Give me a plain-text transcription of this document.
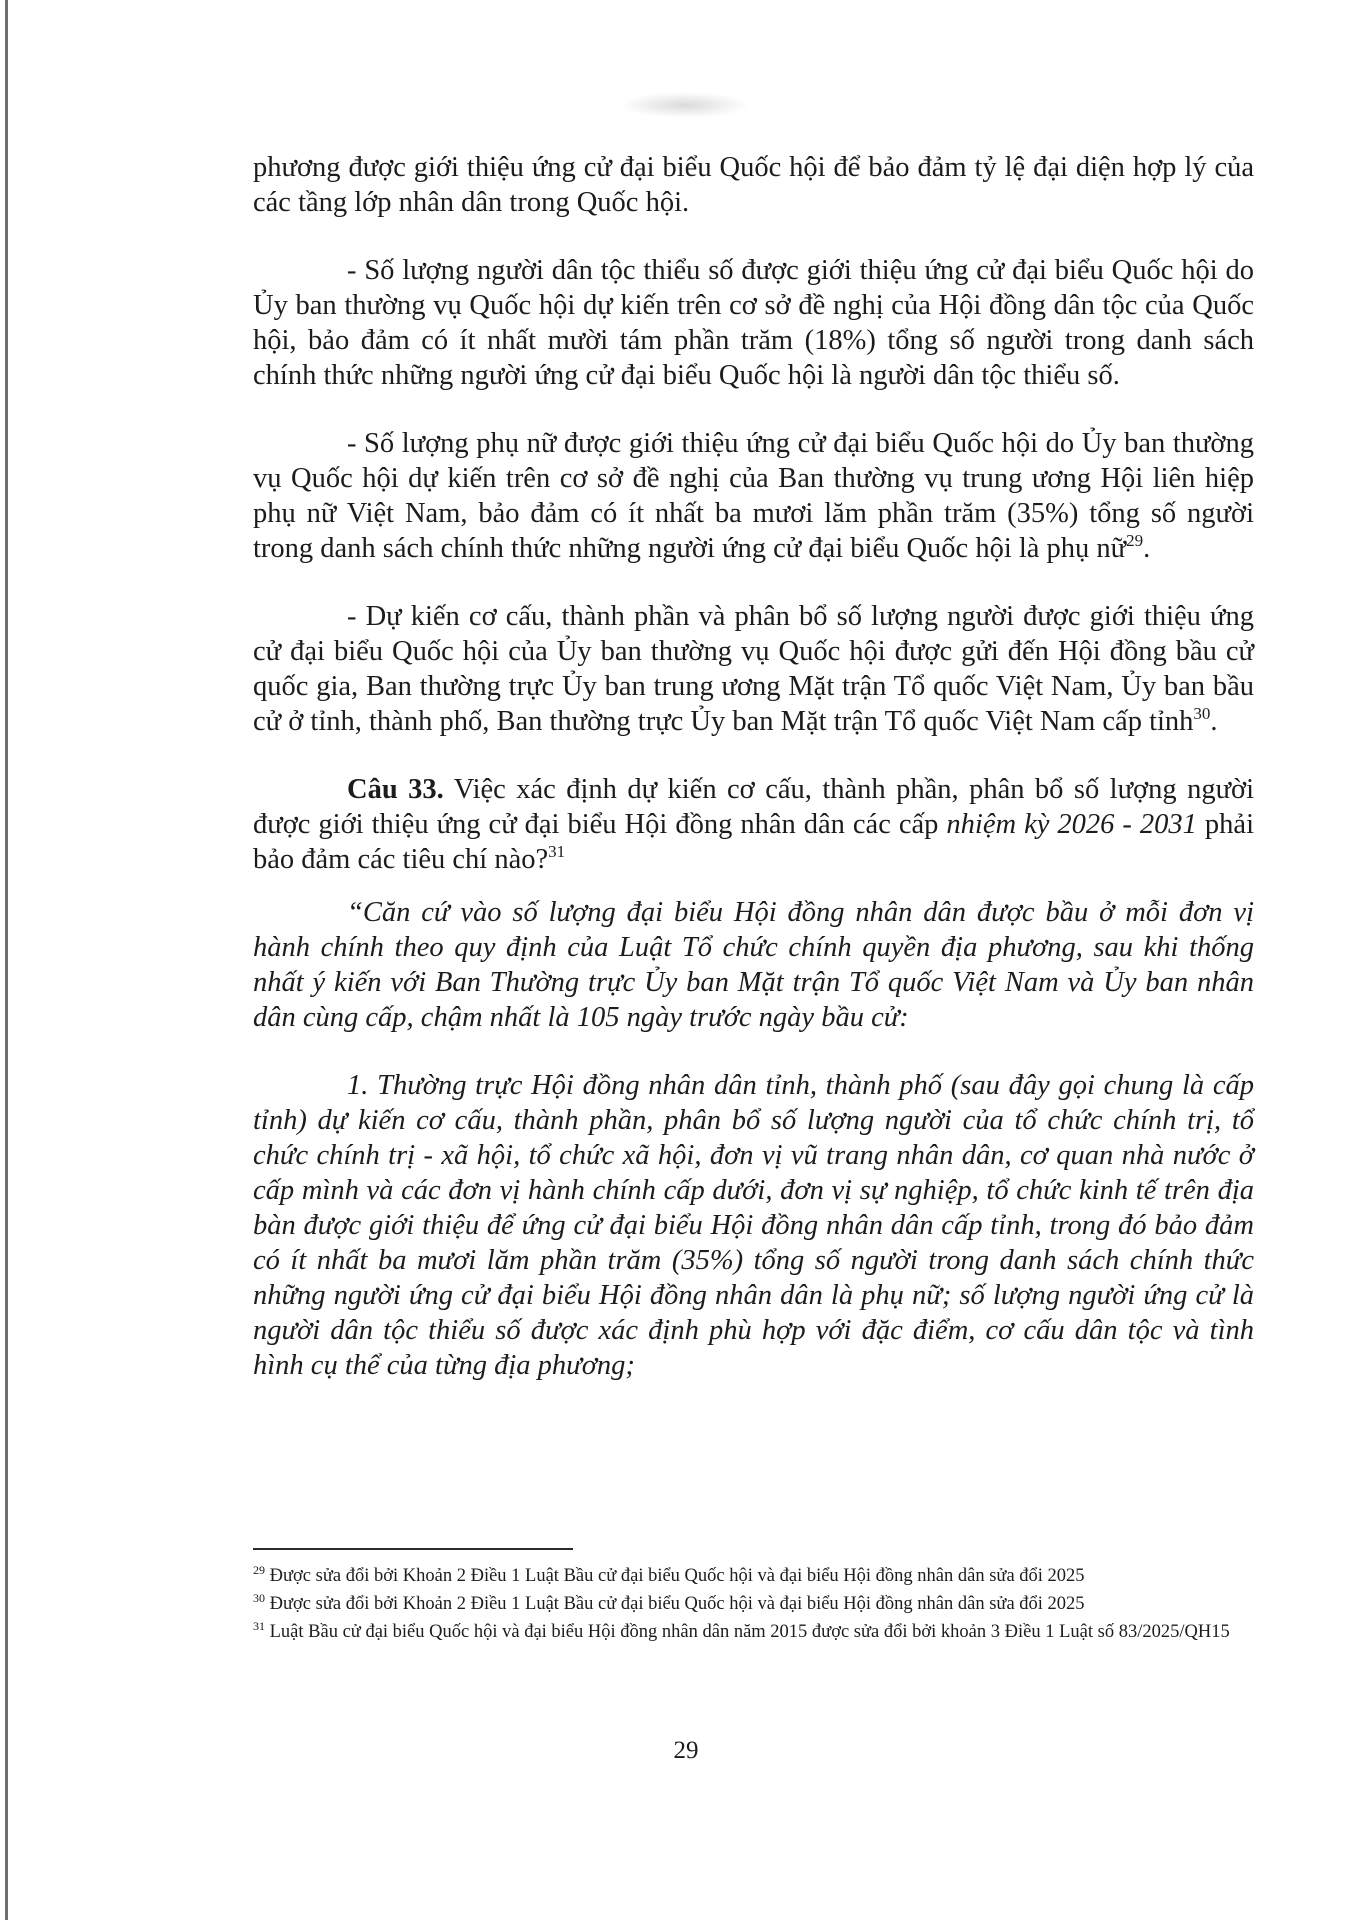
phương được giới thiệu ứng cử đại biểu Quốc hội để bảo đảm tỷ lệ đại diện hợp lý của các tầng lớp nhân dân trong Quốc hội.

- Số lượng người dân tộc thiểu số được giới thiệu ứng cử đại biểu Quốc hội do Ủy ban thường vụ Quốc hội dự kiến trên cơ sở đề nghị của Hội đồng dân tộc của Quốc hội, bảo đảm có ít nhất mười tám phần trăm (18%) tổng số người trong danh sách chính thức những người ứng cử đại biểu Quốc hội là người dân tộc thiểu số.

- Số lượng phụ nữ được giới thiệu ứng cử đại biểu Quốc hội do Ủy ban thường vụ Quốc hội dự kiến trên cơ sở đề nghị của Ban thường vụ trung ương Hội liên hiệp phụ nữ Việt Nam, bảo đảm có ít nhất ba mươi lăm phần trăm (35%) tổng số người trong danh sách chính thức những người ứng cử đại biểu Quốc hội là phụ nữ$^{29}$.

- Dự kiến cơ cấu, thành phần và phân bổ số lượng người được giới thiệu ứng cử đại biểu Quốc hội của Ủy ban thường vụ Quốc hội được gửi đến Hội đồng bầu cử quốc gia, Ban thường trực Ủy ban trung ương Mặt trận Tổ quốc Việt Nam, Ủy ban bầu cử ở tỉnh, thành phố, Ban thường trực Ủy ban Mặt trận Tổ quốc Việt Nam cấp tỉnh$^{30}$.

Câu 33. Việc xác định dự kiến cơ cấu, thành phần, phân bổ số lượng người được giới thiệu ứng cử đại biểu Hội đồng nhân dân các cấp nhiệm kỳ 2026 - 2031 phải bảo đảm các tiêu chí nào?$^{31}$

“Căn cứ vào số lượng đại biểu Hội đồng nhân dân được bầu ở mỗi đơn vị hành chính theo quy định của Luật Tổ chức chính quyền địa phương, sau khi thống nhất ý kiến với Ban Thường trực Ủy ban Mặt trận Tổ quốc Việt Nam và Ủy ban nhân dân cùng cấp, chậm nhất là 105 ngày trước ngày bầu cử:

1. Thường trực Hội đồng nhân dân tỉnh, thành phố (sau đây gọi chung là cấp tỉnh) dự kiến cơ cấu, thành phần, phân bổ số lượng người của tổ chức chính trị, tổ chức chính trị - xã hội, tổ chức xã hội, đơn vị vũ trang nhân dân, cơ quan nhà nước ở cấp mình và các đơn vị hành chính cấp dưới, đơn vị sự nghiệp, tổ chức kinh tế trên địa bàn được giới thiệu để ứng cử đại biểu Hội đồng nhân dân cấp tỉnh, trong đó bảo đảm có ít nhất ba mươi lăm phần trăm (35%) tổng số người trong danh sách chính thức những người ứng cử đại biểu Hội đồng nhân dân là phụ nữ; số lượng người ứng cử là người dân tộc thiểu số được xác định phù hợp với đặc điểm, cơ cấu dân tộc và tình hình cụ thể của từng địa phương;

$^{29}$ Được sửa đổi bởi Khoản 2 Điều 1 Luật Bầu cử đại biểu Quốc hội và đại biểu Hội đồng nhân dân sửa đổi 2025

$^{30}$ Được sửa đổi bởi Khoản 2 Điều 1 Luật Bầu cử đại biểu Quốc hội và đại biểu Hội đồng nhân dân sửa đổi 2025

$^{31}$ Luật Bầu cử đại biểu Quốc hội và đại biểu Hội đồng nhân dân năm 2015 được sửa đổi bởi khoản 3 Điều 1 Luật số 83/2025/QH15

29
